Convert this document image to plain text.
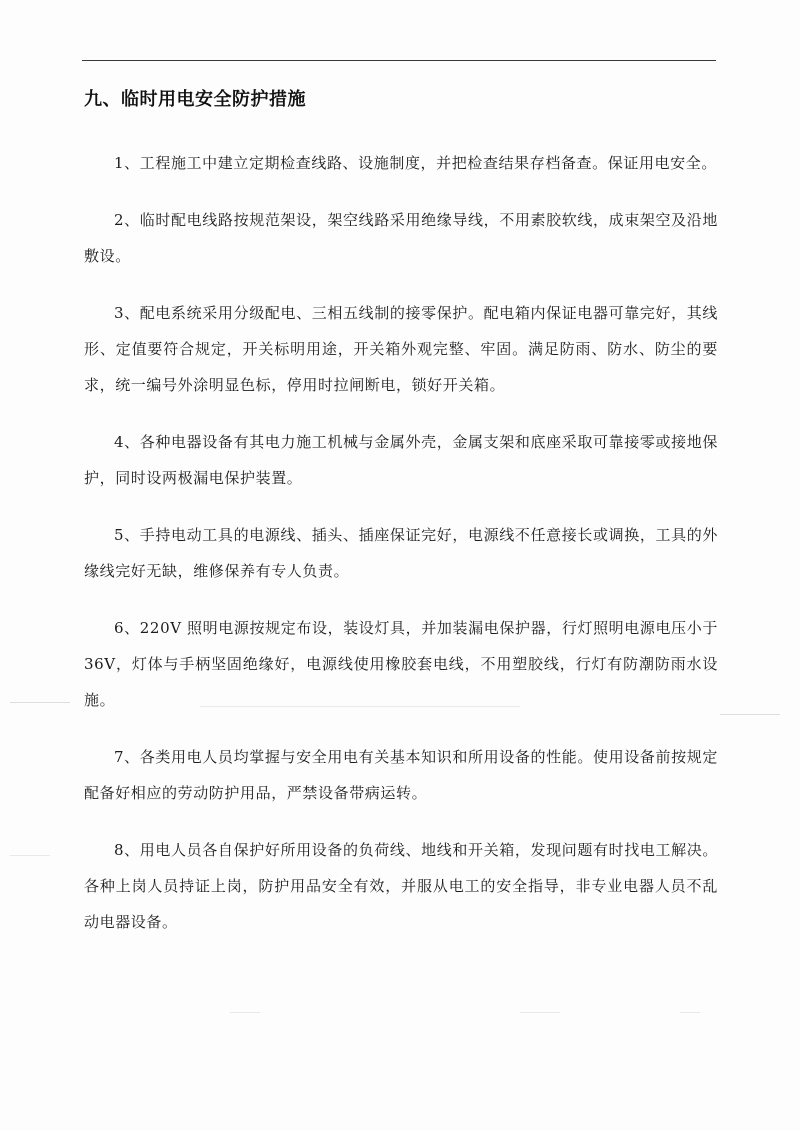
九、临时用电安全防护措施

1、工程施工中建立定期检查线路、设施制度，并把检查结果存档备查。保证用电安全。

2、临时配电线路按规范架设，架空线路采用绝缘导线，不用素胶软线，成束架空及沿地敷设。

3、配电系统采用分级配电、三相五线制的接零保护。配电箱内保证电器可靠完好，其线形、定值要符合规定，开关标明用途，开关箱外观完整、牢固。满足防雨、防水、防尘的要求，统一编号外涂明显色标，停用时拉闸断电，锁好开关箱。

4、各种电器设备有其电力施工机械与金属外壳，金属支架和底座采取可靠接零或接地保护，同时设两极漏电保护装置。

5、手持电动工具的电源线、插头、插座保证完好，电源线不任意接长或调换，工具的外缘线完好无缺，维修保养有专人负责。

6、220V 照明电源按规定布设，装设灯具，并加装漏电保护器，行灯照明电源电压小于 36V，灯体与手柄坚固绝缘好，电源线使用橡胶套电线，不用塑胶线，行灯有防潮防雨水设施。

7、各类用电人员均掌握与安全用电有关基本知识和所用设备的性能。使用设备前按规定配备好相应的劳动防护用品，严禁设备带病运转。

8、用电人员各自保护好所用设备的负荷线、地线和开关箱，发现问题有时找电工解决。各种上岗人员持证上岗，防护用品安全有效，并服从电工的安全指导，非专业电器人员不乱动电器设备。
